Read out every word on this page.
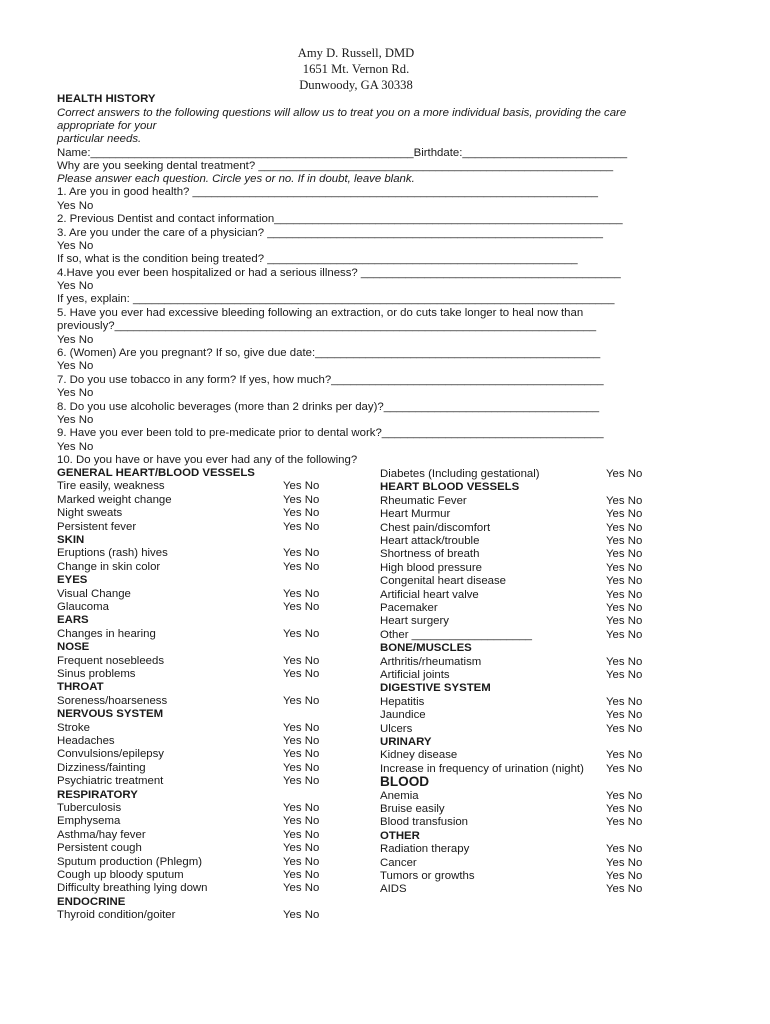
Amy D. Russell, DMD
1651 Mt. Vernon Rd.
Dunwoody, GA 30338
HEALTH HISTORY
Correct answers to the following questions will allow us to treat you on a more individual basis, providing the care
appropriate for your
particular needs.
Name:___________________________________________________Birthdate:__________________________
Why are you seeking dental treatment? ________________________________________________________
Please answer each question. Circle yes or no. If in doubt, leave blank.
1. Are you in good health? ________________________________________________________________
Yes No
2. Previous Dentist and contact information_______________________________________________________
3. Are you under the care of a physician? _____________________________________________________
Yes No
If so, what is the condition being treated? _________________________________________________
4.Have you ever been hospitalized or had a serious illness? _________________________________________
Yes No
If yes, explain: ____________________________________________________________________________
5. Have you ever had excessive bleeding following an extraction, or do cuts take longer to heal now than
previously?____________________________________________________________________________
Yes No
6. (Women) Are you pregnant? If so, give due date:_____________________________________________
Yes No
7. Do you use tobacco in any form? If yes, how much?___________________________________________
Yes No
8. Do you use alcoholic beverages (more than 2 drinks per day)?__________________________________
Yes No
9. Have you ever been told to pre-medicate prior to dental work?___________________________________
Yes No
10. Do you have or have you ever had any of the following?
GENERAL HEART/BLOOD VESSELS
Tire easily, weakness	Yes No
Marked weight change	Yes No
Night sweats	Yes No
Persistent fever	Yes No
SKIN
Eruptions (rash) hives	Yes No
Change in skin color	Yes No
EYES
Visual Change	Yes No
Glaucoma	Yes No
EARS
Changes in hearing	Yes No
NOSE
Frequent nosebleeds	Yes No
Sinus problems	Yes No
THROAT
Soreness/hoarseness	Yes No
NERVOUS SYSTEM
Stroke	Yes No
Headaches	Yes No
Convulsions/epilepsy	Yes No
Dizziness/fainting	Yes No
Psychiatric treatment	Yes No
RESPIRATORY
Tuberculosis	Yes No
Emphysema	Yes No
Asthma/hay fever	Yes No
Persistent cough	Yes No
Sputum production (Phlegm)	Yes No
Cough up bloody sputum	Yes No
Difficulty breathing lying down	Yes No
ENDOCRINE
Thyroid condition/goiter	Yes No
Diabetes (Including gestational)	Yes No
HEART BLOOD VESSELS
Rheumatic Fever	Yes No
Heart Murmur	Yes No
Chest pain/discomfort	Yes No
Heart attack/trouble	Yes No
Shortness of breath	Yes No
High blood pressure	Yes No
Congenital heart disease	Yes No
Artificial heart valve	Yes No
Pacemaker	Yes No
Heart surgery	Yes No
Other ___________________	Yes No
BONE/MUSCLES
Arthritis/rheumatism	Yes No
Artificial joints	Yes No
DIGESTIVE SYSTEM
Hepatitis	Yes No
Jaundice	Yes No
Ulcers	Yes No
URINARY
Kidney disease	Yes No
Increase in frequency of urination (night) Yes No
BLOOD
Anemia	Yes No
Bruise easily	Yes No
Blood transfusion	Yes No
OTHER
Radiation therapy	Yes No
Cancer	Yes No
Tumors or growths	Yes No
AIDS	Yes No
